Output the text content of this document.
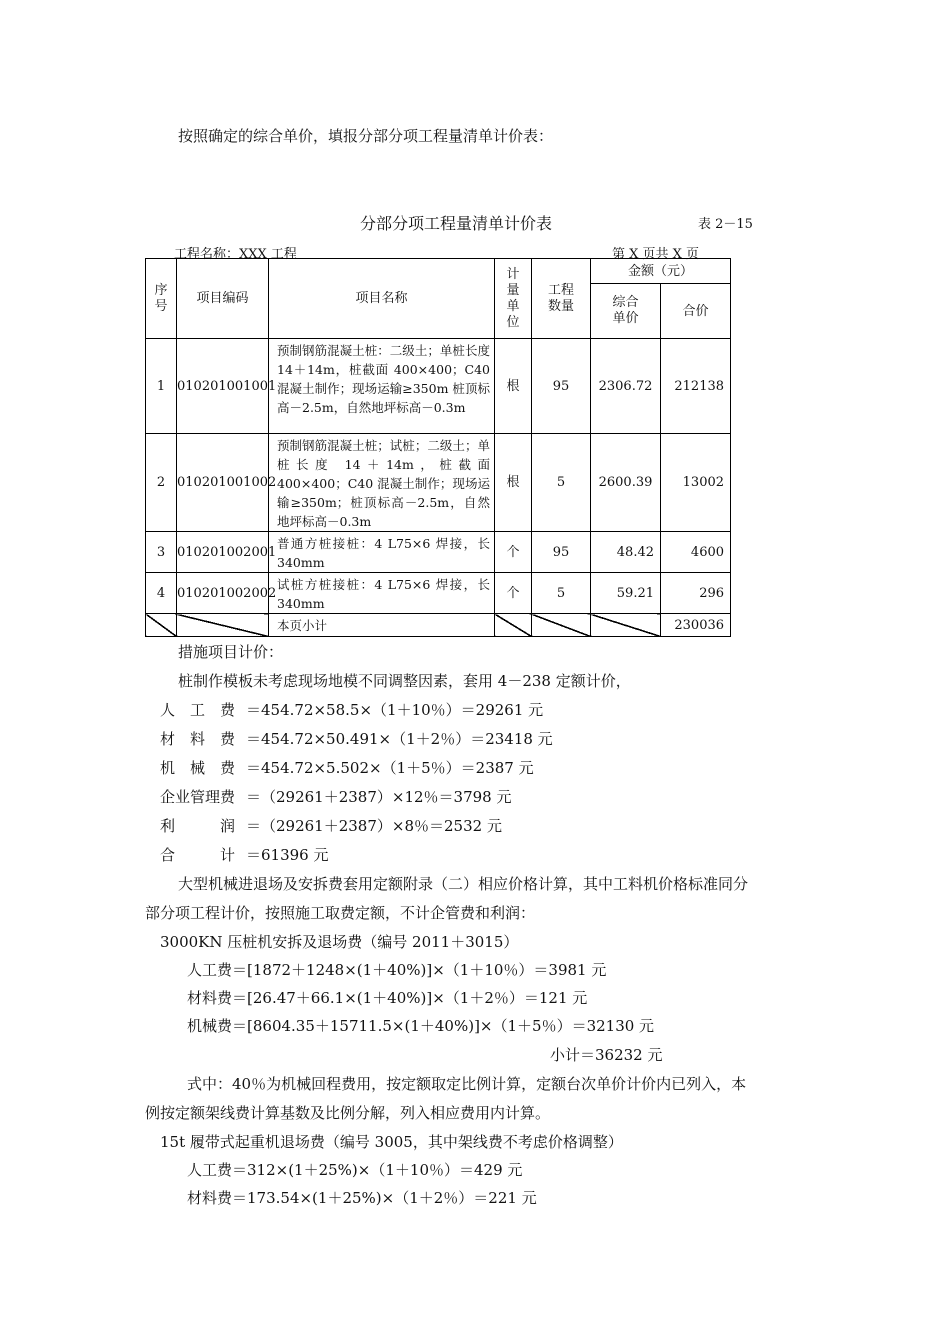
按照确定的综合单价，填报分部分项工程量清单计价表：
分部分项工程量清单计价表	表 2－15
工程名称：XXX 工程	第 X 页共 X 页
序号	项目编码	项目名称	计量单位	工程数量	金额（元）	
					综合单价	合价
1	010201001001	预制钢筋混凝土桩：二级土；单桩长度 14＋14m，桩截面 400×400；C40 混凝土制作；现场运输≥350m 桩顶标高－2.5m，自然地坪标高－0.3m	根	95	2306.72	212138
2	010201001002	预制钢筋混凝土桩；试桩；二级土；单桩长度 14＋14m，桩截面 400×400；C40 混凝土制作；现场运输≥350m；桩顶标高－2.5m，自然地坪标高－0.3m	根	5	2600.39	13002
3	010201002001	普通方桩接桩：4 L75×6 焊接，长 340mm	个	95	48.42	4600
4	010201002002	试桩方桩接桩：4 L75×6 焊接，长 340mm	个	5	59.21	296
		本页小计				230036
措施项目计价：
桩制作模板未考虑现场地模不同调整因素，套用 4－238 定额计价，
人　工　费 ＝454.72×58.5×（1＋10％）＝29261 元
材　料　费 ＝454.72×50.491×（1＋2％）＝23418 元
机　械　费 ＝454.72×5.502×（1＋5％）＝2387 元
企业管理费 ＝（29261＋2387）×12％＝3798 元
利　　　润 ＝（29261＋2387）×8％＝2532 元
合　　　计 ＝61396 元
大型机械进退场及安拆费套用定额附录（二）相应价格计算，其中工料机价格标准同分
部分项工程计价，按照施工取费定额，不计企管费和利润：
3000KN 压桩机安拆及退场费（编号 2011＋3015）
人工费＝[1872＋1248×(1＋40%)]×（1＋10％）＝3981 元
材料费＝[26.47＋66.1×(1＋40%)]×（1＋2％）＝121 元
机械费＝[8604.35＋15711.5×(1＋40%)]×（1＋5％）＝32130 元
小计＝36232 元
式中：40％为机械回程费用，按定额取定比例计算，定额台次单价计价内已列入，本
例按定额架线费计算基数及比例分解，列入相应费用内计算。
15t 履带式起重机退场费（编号 3005，其中架线费不考虑价格调整）
人工费＝312×(1＋25%)×（1＋10％）＝429 元
材料费＝173.54×(1＋25%)×（1＋2％）＝221 元
